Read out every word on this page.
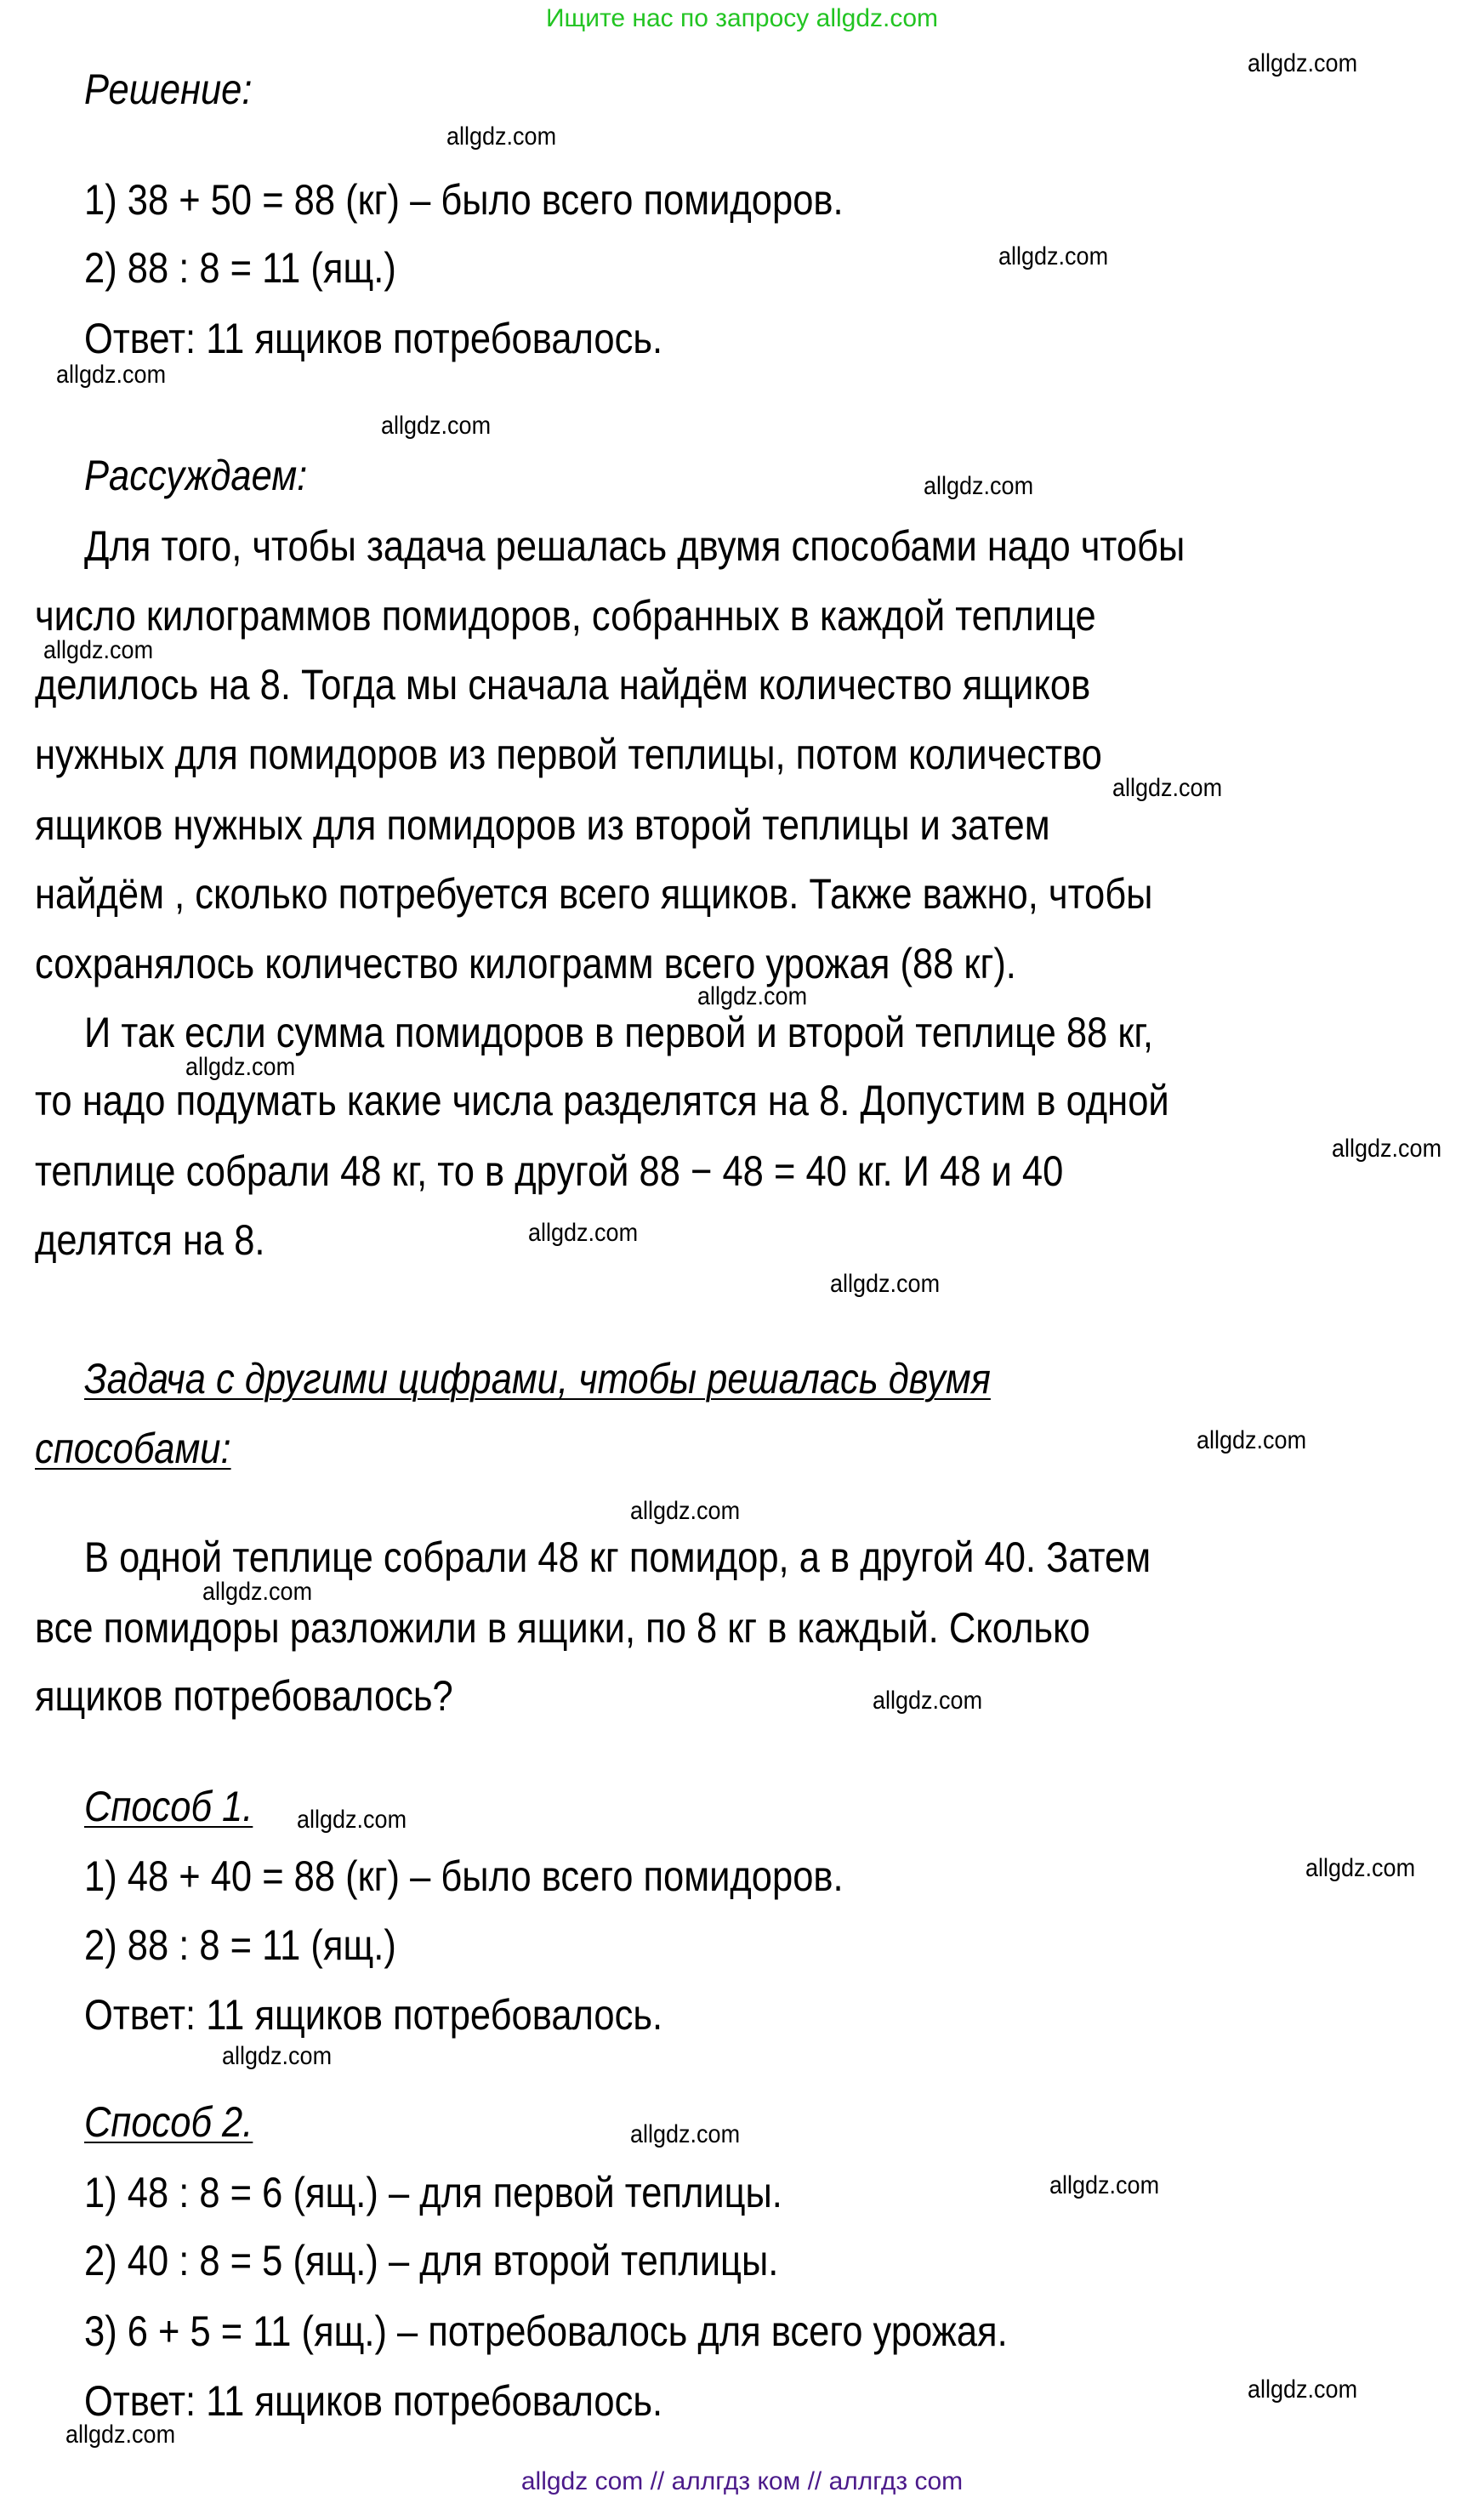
Ищите нас по запросу allgdz.com
allgdz com // аллгдз ком // аллгдз com
Решение:
1) 38 + 50 = 88 (кг) – было всего помидоров.
2) 88 : 8 = 11 (ящ.)
Ответ: 11 ящиков потребовалось.
Рассуждаем:
Для того, чтобы задача решалась двумя способами надо чтобы
число килограммов помидоров, собранных в каждой теплице
делилось на 8. Тогда мы сначала найдём количество ящиков
нужных для помидоров из первой теплицы, потом количество
ящиков нужных для помидоров из второй теплицы и затем
найдём , сколько потребуется всего ящиков. Также важно, чтобы
сохранялось количество килограмм всего урожая (88 кг).
И так если сумма помидоров в первой и второй теплице 88 кг,
то надо подумать какие числа разделятся на 8. Допустим в одной
теплице собрали 48 кг, то в другой 88 − 48 = 40 кг. И 48 и 40
делятся на 8.
Задача с другими цифрами, чтобы решалась двумя
способами:
В одной теплице собрали 48 кг помидор, а в другой 40. Затем
все помидоры разложили в ящики, по 8 кг в каждый. Сколько
ящиков потребовалось?
Способ 1.
1) 48 + 40 = 88 (кг) – было всего помидоров.
2) 88 : 8 = 11 (ящ.)
Ответ: 11 ящиков потребовалось.
Способ 2.
1) 48 : 8 = 6 (ящ.) – для первой теплицы.
2) 40 : 8 = 5 (ящ.) – для второй теплицы.
3) 6 + 5 = 11 (ящ.) – потребовалось для всего урожая.
Ответ: 11 ящиков потребовалось.
allgdz.com
allgdz.com
allgdz.com
allgdz.com
allgdz.com
allgdz.com
allgdz.com
allgdz.com
allgdz.com
allgdz.com
allgdz.com
allgdz.com
allgdz.com
allgdz.com
allgdz.com
allgdz.com
allgdz.com
allgdz.com
allgdz.com
allgdz.com
allgdz.com
allgdz.com
allgdz.com
allgdz.com
